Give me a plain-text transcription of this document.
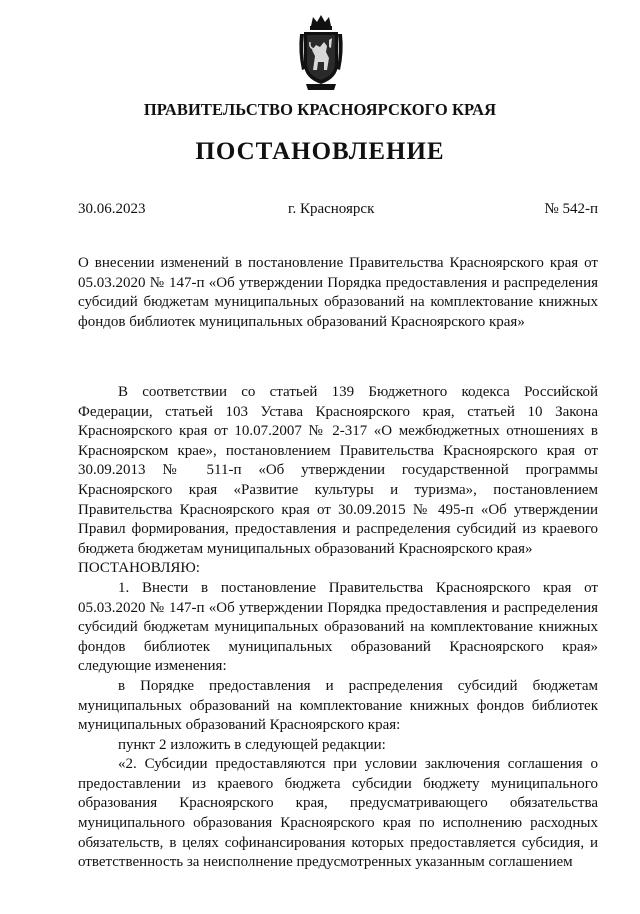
ПРАВИТЕЛЬСТВО КРАСНОЯРСКОГО КРАЯ
ПОСТАНОВЛЕНИЕ
30.06.2023	г. Красноярск	№ 542-п
О внесении изменений в постановление Правительства Красноярского края от 05.03.2020 № 147-п «Об утверждении Порядка предоставления и распределения субсидий бюджетам муниципальных образований на комплектование книжных фондов библиотек муниципальных образований Красноярского края»

В соответствии со статьей 139 Бюджетного кодекса Российской Федерации, статьей 103 Устава Красноярского края, статьей 10 Закона Красноярского края от 10.07.2007 № 2-317 «О межбюджетных отношениях в Красноярском крае», постановлением Правительства Красноярского края от 30.09.2013 № 511-п «Об утверждении государственной программы Красноярского края «Развитие культуры и туризма», постановлением Правительства Красноярского края от 30.09.2015 № 495-п «Об утверждении Правил формирования, предоставления и распределения субсидий из краевого бюджета бюджетам муниципальных образований Красноярского края»

ПОСТАНОВЛЯЮ:

1. Внести в постановление Правительства Красноярского края от 05.03.2020 № 147-п «Об утверждении Порядка предоставления и распределения субсидий бюджетам муниципальных образований на комплектование книжных фондов библиотек муниципальных образований Красноярского края» следующие изменения:

в Порядке предоставления и распределения субсидий бюджетам муниципальных образований на комплектование книжных фондов библиотек муниципальных образований Красноярского края:

пункт 2 изложить в следующей редакции:

«2. Субсидии предоставляются при условии заключения соглашения о предоставлении из краевого бюджета субсидии бюджету муниципального образования Красноярского края, предусматривающего обязательства муниципального образования Красноярского края по исполнению расходных обязательств, в целях софинансирования которых предоставляется субсидия, и ответственность за неисполнение предусмотренных указанным соглашением
